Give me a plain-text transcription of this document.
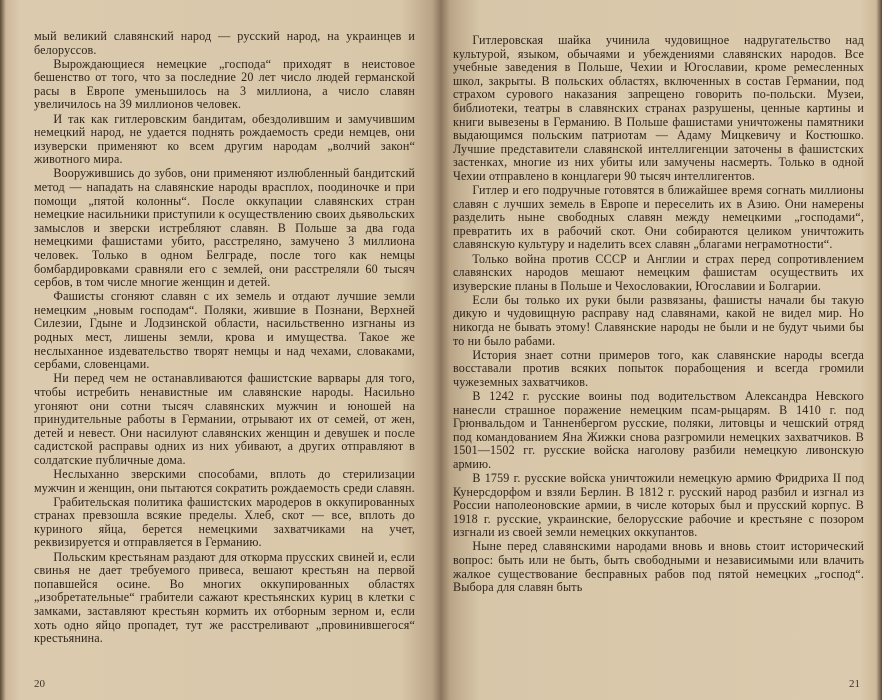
мый великий славянский народ — русский народ, на украинцев и белоруссов.

Вырождающиеся немецкие „господа“ приходят в неистовое бешенство от того, что за последние 20 лет число людей германской расы в Европе уменьшилось на 3 миллиона, а число славян увеличилось на 39 миллионов человек.

И так как гитлеровским бандитам, обездолившим и замучившим немецкий народ, не удается поднять рождаемость среди немцев, они изуверски применяют ко всем другим народам „волчий закон“ животного мира.

Вооружившись до зубов, они применяют излюбленный бандитский метод — нападать на славянские народы врасплох, поодиночке и при помощи „пятой колонны“. После оккупации славянских стран немецкие насильники приступили к осуществлению своих дьявольских замыслов и зверски истребляют славян. В Польше за два года немецкими фашистами убито, расстреляно, замучено 3 миллиона человек. Только в одном Белграде, после того как немцы бомбардировками сравняли его с землей, они расстреляли 60 тысяч сербов, в том числе многие женщин и детей.

Фашисты сгоняют славян с их земель и отдают лучшие земли немецким „новым господам“. Поляки, жившие в Познани, Верхней Силезии, Гдыне и Лодзинской области, насильственно изгнаны из родных мест, лишены земли, крова и имущества. Такое же неслыханное издевательство творят немцы и над чехами, словаками, сербами, словенцами.

Ни перед чем не останавливаются фашистские варвары для того, чтобы истребить ненавистные им славянские народы. Насильно угоняют они сотни тысяч славянских мужчин и юношей на принудительные работы в Германии, отрывают их от семей, от жен, детей и невест. Они насилуют славянских женщин и девушек и после садистской расправы одних из них убивают, а других отправляют в солдатские публичные дома.

Неслыханно зверскими способами, вплоть до стерилизации мужчин и женщин, они пытаются сократить рождаемость среди славян.

Грабительская политика фашистских мародеров в оккупированных странах превзошла всякие пределы. Хлеб, скот — все, вплоть до куриного яйца, берется немецкими захватчиками на учет, реквизируется и отправляется в Германию.

Польским крестьянам раздают для откорма прусских свиней и, если свинья не дает требуемого привеса, вешают крестьян на первой попавшейся осине. Во многих оккупированных областях „изобретательные“ грабители сажают крестьянских куриц в клетки с замками, заставляют крестьян кормить их отборным зерном и, если хоть одно яйцо пропадет, тут же расстреливают „провинившегося“ крестьянина.

20

Гитлеровская шайка учинила чудовищное надругательство над культурой, языком, обычаями и убеждениями славянских народов. Все учебные заведения в Польше, Чехии и Югославии, кроме ремесленных школ, закрыты. В польских областях, включенных в состав Германии, под страхом сурового наказания запрещено говорить по-польски. Музеи, библиотеки, театры в славянских странах разрушены, ценные картины и книги вывезены в Германию. В Польше фашистами уничтожены памятники выдающимся польским патриотам — Адаму Мицкевичу и Костюшко. Лучшие представители славянской интеллигенции заточены в фашистских застенках, многие из них убиты или замучены насмерть. Только в одной Чехии отправлено в концлагери 90 тысяч интеллигентов.

Гитлер и его подручные готовятся в ближайшее время согнать миллионы славян с лучших земель в Европе и переселить их в Азию. Они намерены разделить ныне свободных славян между немецкими „господами“, превратить их в рабочий скот. Они собираются целиком уничтожить славянскую культуру и наделить всех славян „благами неграмотности“.

Только война против СССР и Англии и страх перед сопротивлением славянских народов мешают немецким фашистам осуществить их изуверские планы в Польше и Чехословакии, Югославии и Болгарии.

Если бы только их руки были развязаны, фашисты начали бы такую дикую и чудовищную расправу над славянами, какой не видел мир. Но никогда не бывать этому! Славянские народы не были и не будут чьими бы то ни было рабами.

История знает сотни примеров того, как славянские народы всегда восставали против всяких попыток порабощения и всегда громили чужеземных захватчиков.

В 1242 г. русские воины под водительством Александра Невского нанесли страшное поражение немецким псам-рыцарям. В 1410 г. под Грюнвальдом и Танненбергом русские, поляки, литовцы и чешский отряд под командованием Яна Жижки снова разгромили немецких захватчиков. В 1501—1502 гг. русские войска наголову разбили немецкую ливонскую армию.

В 1759 г. русские войска уничтожили немецкую армию Фридриха II под Кунерсдорфом и взяли Берлин. В 1812 г. русский народ разбил и изгнал из России наполеоновские армии, в числе которых был и прусский корпус. В 1918 г. русские, украинские, белорусские рабочие и крестьяне с позором изгнали из своей земли немецких оккупантов.

Ныне перед славянскими народами вновь и вновь стоит исторический вопрос: быть или не быть, быть свободными и независимыми или влачить жалкое существование бесправных рабов под пятой немецких „господ“. Выбора для славян быть

21
